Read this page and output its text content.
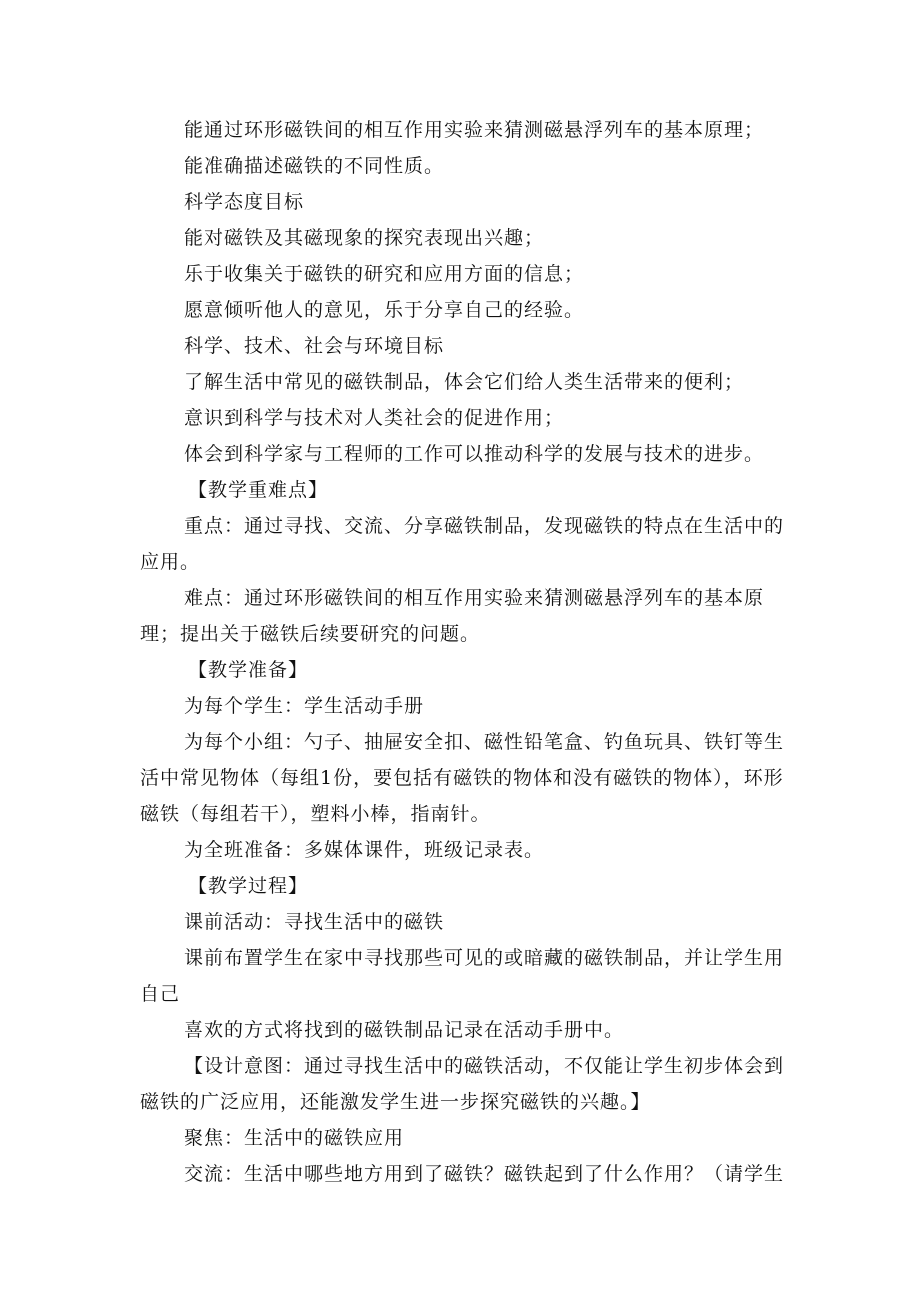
能通过环形磁铁间的相互作用实验来猜测磁悬浮列车的基本原理；

能准确描述磁铁的不同性质。

科学态度目标

能对磁铁及其磁现象的探究表现出兴趣；

乐于收集关于磁铁的研究和应用方面的信息；

愿意倾听他人的意见，乐于分享自己的经验。

科学、技术、社会与环境目标

了解生活中常见的磁铁制品，体会它们给人类生活带来的便利；

意识到科学与技术对人类社会的促进作用；

体会到科学家与工程师的工作可以推动科学的发展与技术的进步。

【教学重难点】

重点：通过寻找、交流、分享磁铁制品，发现磁铁的特点在生活中的应用。

难点：通过环形磁铁间的相互作用实验来猜测磁悬浮列车的基本原理；提出关于磁铁后续要研究的问题。

【教学准备】

为每个学生：学生活动手册

为每个小组：勺子、抽屉安全扣、磁性铅笔盒、钓鱼玩具、铁钉等生活中常见物体（每组1份，要包括有磁铁的物体和没有磁铁的物体），环形磁铁（每组若干），塑料小棒，指南针。

为全班准备：多媒体课件，班级记录表。

【教学过程】

课前活动：寻找生活中的磁铁

课前布置学生在家中寻找那些可见的或暗藏的磁铁制品，并让学生用自己

喜欢的方式将找到的磁铁制品记录在活动手册中。

【设计意图：通过寻找生活中的磁铁活动，不仅能让学生初步体会到磁铁的广泛应用，还能激发学生进一步探究磁铁的兴趣。】

聚焦：生活中的磁铁应用

交流：生活中哪些地方用到了磁铁？磁铁起到了什么作用？（请学生
